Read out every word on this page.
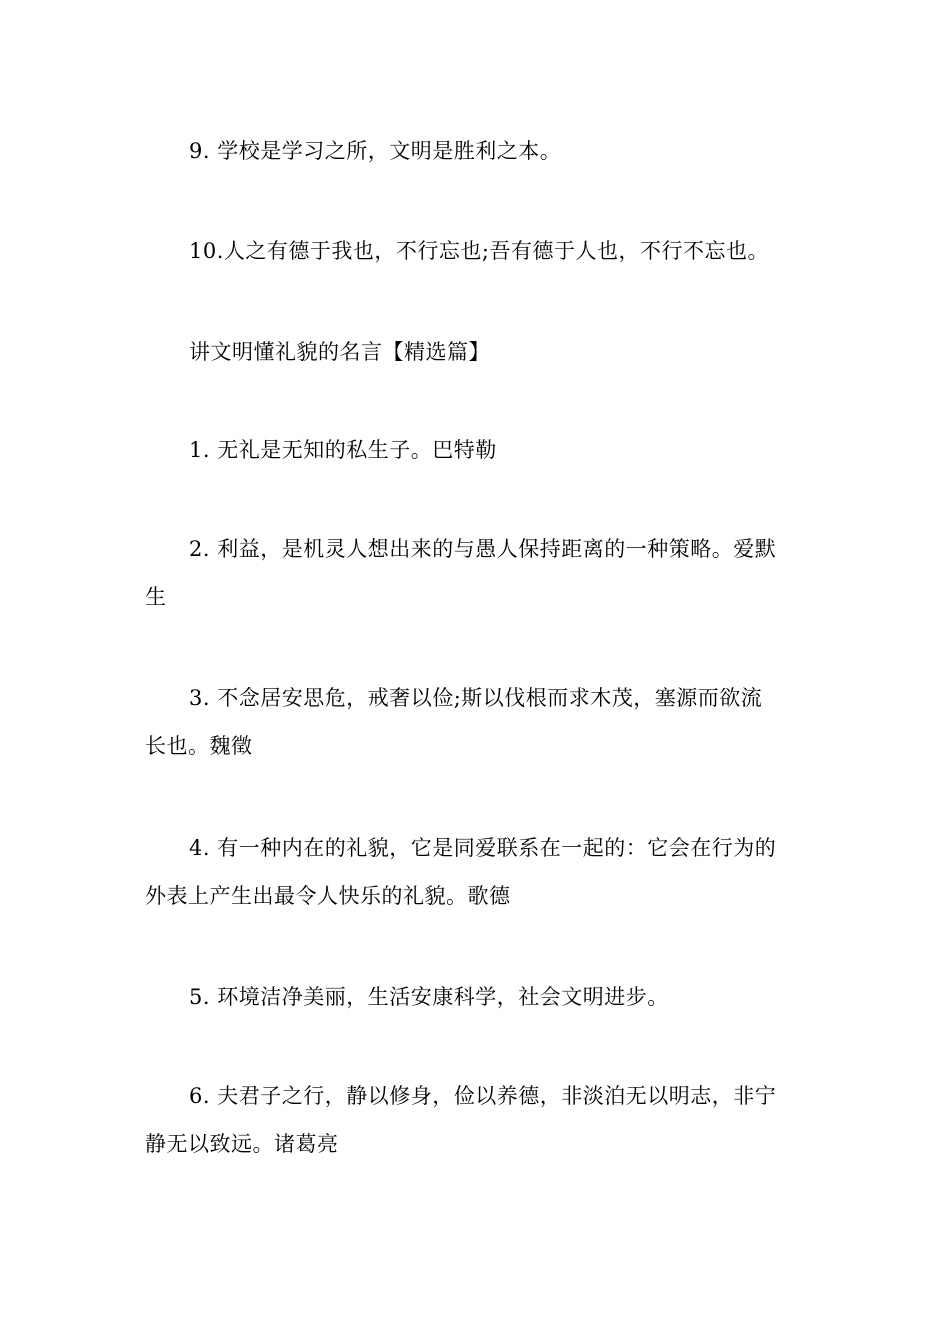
9. 学校是学习之所，文明是胜利之本。
10.人之有德于我也，不行忘也;吾有德于人也，不行不忘也。
讲文明懂礼貌的名言【精选篇】
1. 无礼是无知的私生子。巴特勒
2. 利益，是机灵人想出来的与愚人保持距离的一种策略。爱默
生
3. 不念居安思危，戒奢以俭;斯以伐根而求木茂，塞源而欲流
长也。魏徵
4. 有一种内在的礼貌，它是同爱联系在一起的：它会在行为的
外表上产生出最令人快乐的礼貌。歌德
5. 环境洁净美丽，生活安康科学，社会文明进步。
6. 夫君子之行，静以修身，俭以养德，非淡泊无以明志，非宁
静无以致远。诸葛亮
